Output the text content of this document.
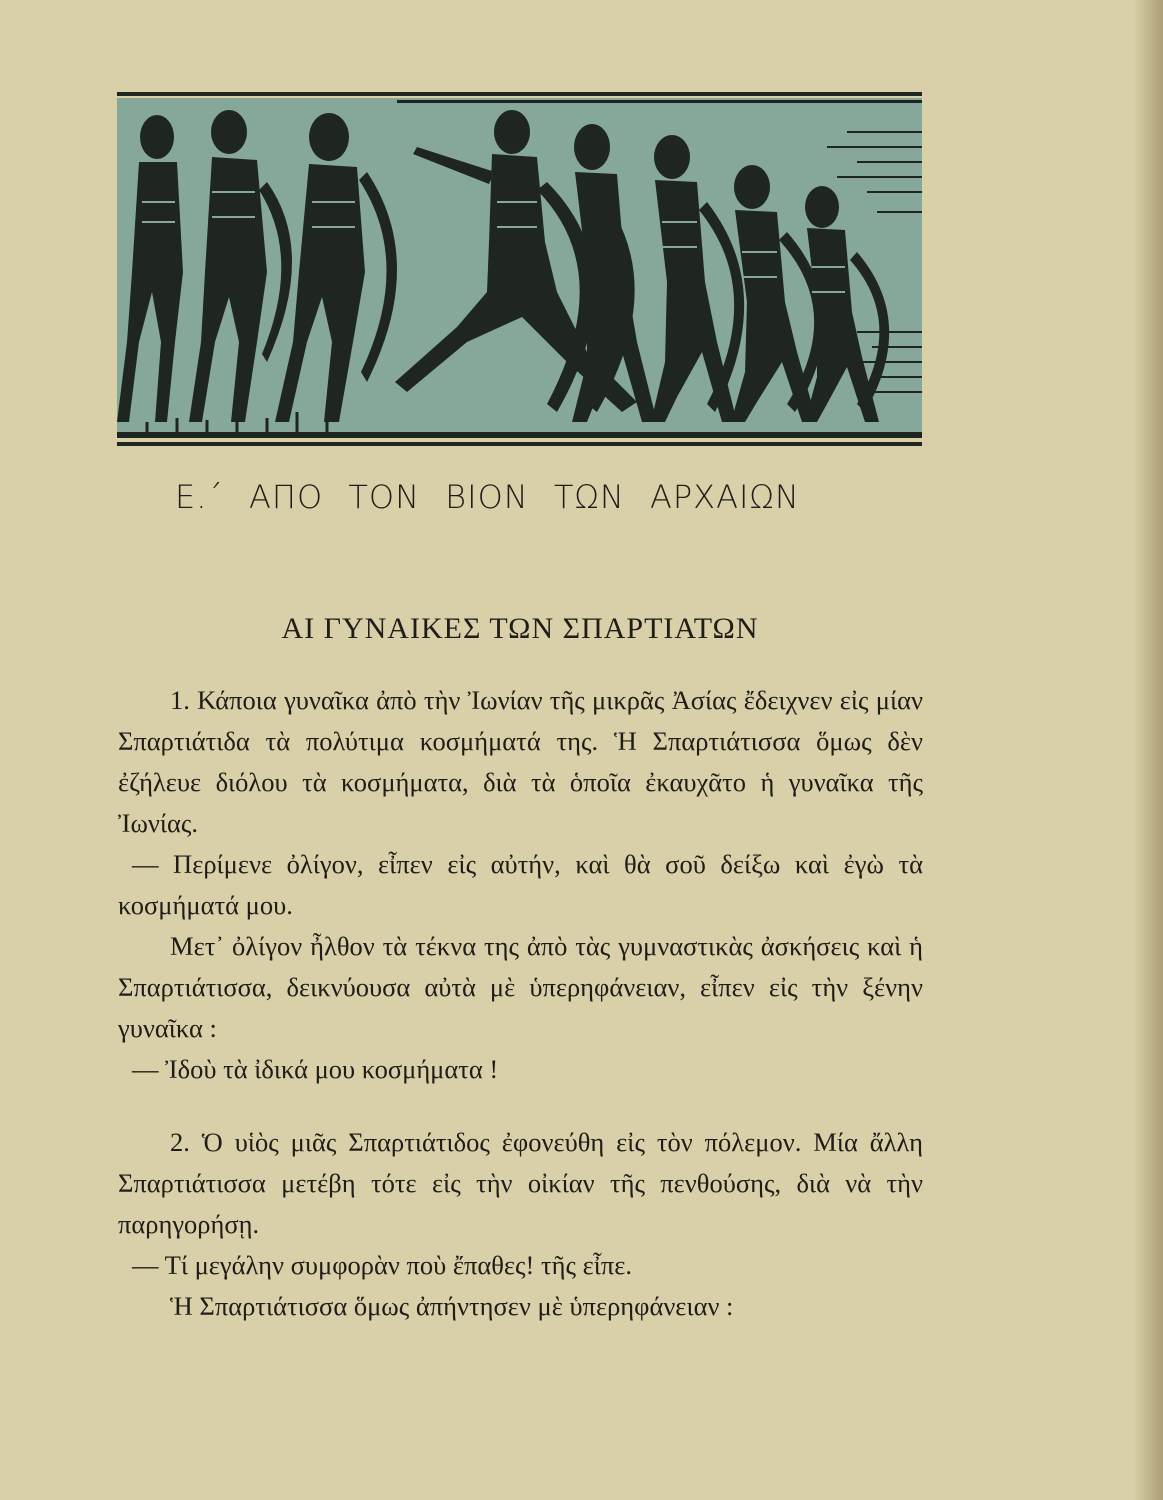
Ε.΄ ΑΠΟ ΤΟΝ ΒΙΟΝ ΤΩΝ ΑΡΧΑΙΩΝ
ΑΙ ΓΥΝΑΙΚΕΣ ΤΩΝ ΣΠΑΡΤΙΑΤΩΝ

1. Κάποια γυναῖκα ἀπὸ τὴν Ἰωνίαν τῆς μικρᾶς Ἀσίας ἔδειχνεν εἰς μίαν Σπαρτιάτιδα τὰ πολύτιμα κοσμήματά της. Ἡ Σπαρτιάτισσα ὅμως δὲν ἐζήλευε διόλου τὰ κοσμήματα, διὰ τὰ ὁποῖα ἐκαυχᾶτο ἡ γυναῖκα τῆς Ἰωνίας.

— Περίμενε ὀλίγον, εἶπεν εἰς αὐτήν, καὶ θὰ σοῦ δείξω καὶ ἐγὼ τὰ κοσμήματά μου.

Μετ᾽ ὀλίγον ἦλθον τὰ τέκνα της ἀπὸ τὰς γυμναστικὰς ἀσκήσεις καὶ ἡ Σπαρτιάτισσα, δεικνύουσα αὐτὰ μὲ ὑπερηφάνειαν, εἶπεν εἰς τὴν ξένην γυναῖκα :

— Ἰδοὺ τὰ ἰδικά μου κοσμήματα !

2. Ὁ υἱὸς μιᾶς Σπαρτιάτιδος ἐφονεύθη εἰς τὸν πόλεμον. Μία ἄλλη Σπαρτιάτισσα μετέβη τότε εἰς τὴν οἰκίαν τῆς πενθούσης, διὰ νὰ τὴν παρηγορήσῃ.

— Τί μεγάλην συμφορὰν ποὺ ἔπαθες! τῆς εἶπε.

Ἡ Σπαρτιάτισσα ὅμως ἀπήντησεν μὲ ὑπερηφάνειαν :
